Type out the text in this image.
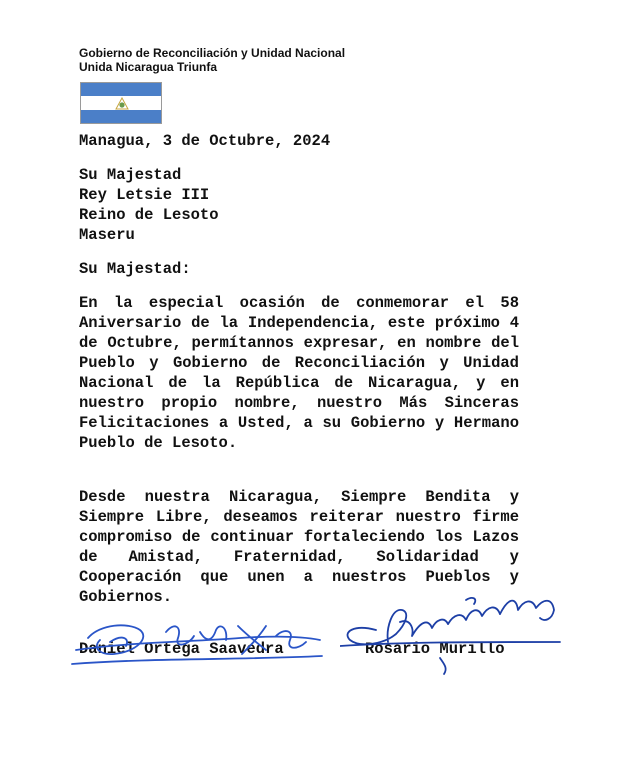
Gobierno de Reconciliación y Unidad Nacional
Unida Nicaragua Triunfa
Managua, 3 de Octubre, 2024
Su Majestad
Rey Letsie III
Reino de Lesoto
Maseru
Su Majestad:
En la especial ocasión de conmemorar el 58 Aniversario de la Independencia, este próximo 4 de Octubre, permítannos expresar, en nombre del Pueblo y Gobierno de Reconciliación y Unidad Nacional de la República de Nicaragua, y en nuestro propio nombre, nuestro Más Sinceras Felicitaciones a Usted, a su Gobierno y Hermano Pueblo de Lesoto.
Desde nuestra Nicaragua, Siempre Bendita y Siempre Libre, deseamos reiterar nuestro firme compromiso de continuar fortaleciendo los Lazos de Amistad, Fraternidad, Solidaridad y Cooperación que unen a nuestros Pueblos y Gobiernos.
Daniel Ortega Saavedra	Rosario Murillo
